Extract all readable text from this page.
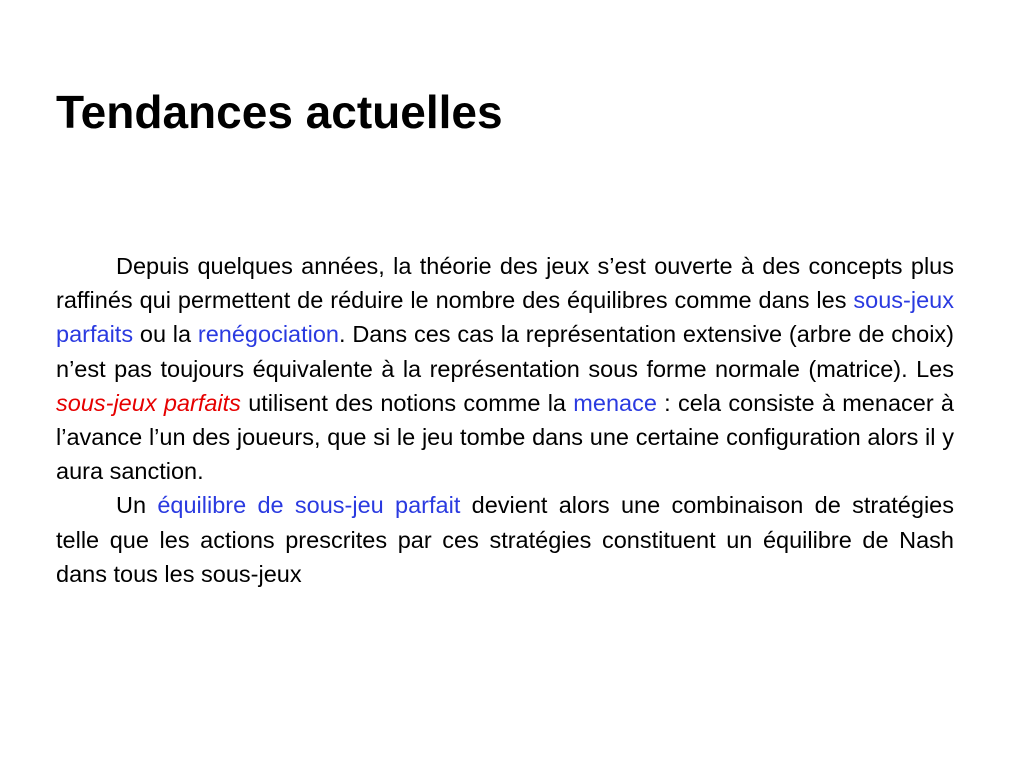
Tendances actuelles

Depuis quelques années, la théorie des jeux s’est ouverte à des concepts plus raffinés qui permettent de réduire le nombre des équilibres comme dans les sous-jeux parfaits ou la renégociation. Dans ces cas la représentation extensive (arbre de choix) n’est pas toujours équivalente à la représentation sous forme normale (matrice). Les sous-jeux parfaits utilisent des notions comme la menace : cela consiste à menacer à l’avance l’un des joueurs, que si le jeu tombe dans une certaine configuration alors il y aura sanction.

Un équilibre de sous-jeu parfait devient alors une combinaison de stratégies telle que les actions prescrites par ces stratégies constituent un équilibre de Nash dans tous les sous-jeux
